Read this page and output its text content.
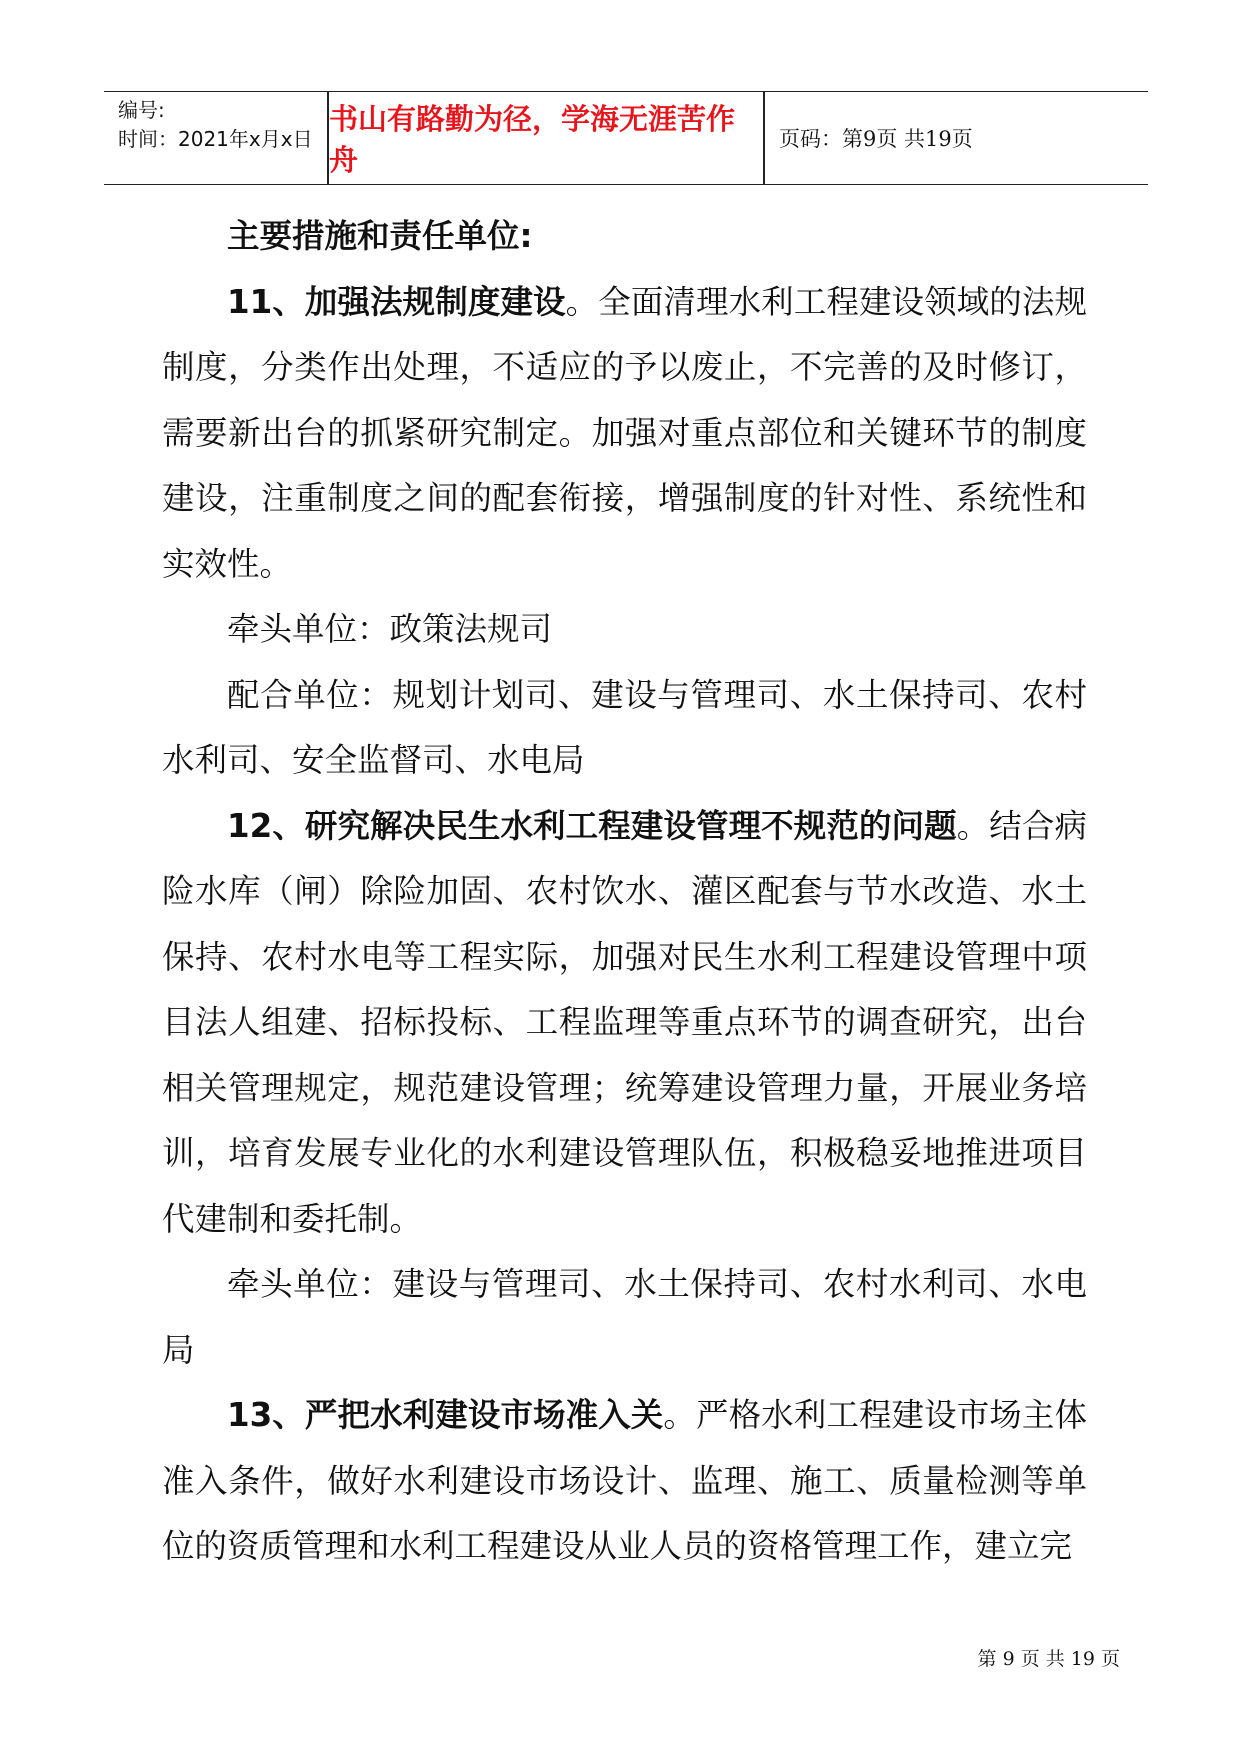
编号:
时间：2021年x月x日
书山有路勤为径，学海无涯苦作舟
页码：第9页 共19页

主要措施和责任单位:

11、加强法规制度建设。全面清理水利工程建设领域的法规制度，分类作出处理，不适应的予以废止，不完善的及时修订，需要新出台的抓紧研究制定。加强对重点部位和关键环节的制度建设，注重制度之间的配套衔接，增强制度的针对性、系统性和实效性。

牵头单位：政策法规司

配合单位：规划计划司、建设与管理司、水土保持司、农村水利司、安全监督司、水电局

12、研究解决民生水利工程建设管理不规范的问题。结合病险水库（闸）除险加固、农村饮水、灌区配套与节水改造、水土保持、农村水电等工程实际，加强对民生水利工程建设管理中项目法人组建、招标投标、工程监理等重点环节的调查研究，出台相关管理规定，规范建设管理；统筹建设管理力量，开展业务培训，培育发展专业化的水利建设管理队伍，积极稳妥地推进项目代建制和委托制。

牵头单位：建设与管理司、水土保持司、农村水利司、水电局

13、严把水利建设市场准入关。严格水利工程建设市场主体准入条件，做好水利建设市场设计、监理、施工、质量检测等单位的资质管理和水利工程建设从业人员的资格管理工作，建立完

第 9 页 共 19 页
